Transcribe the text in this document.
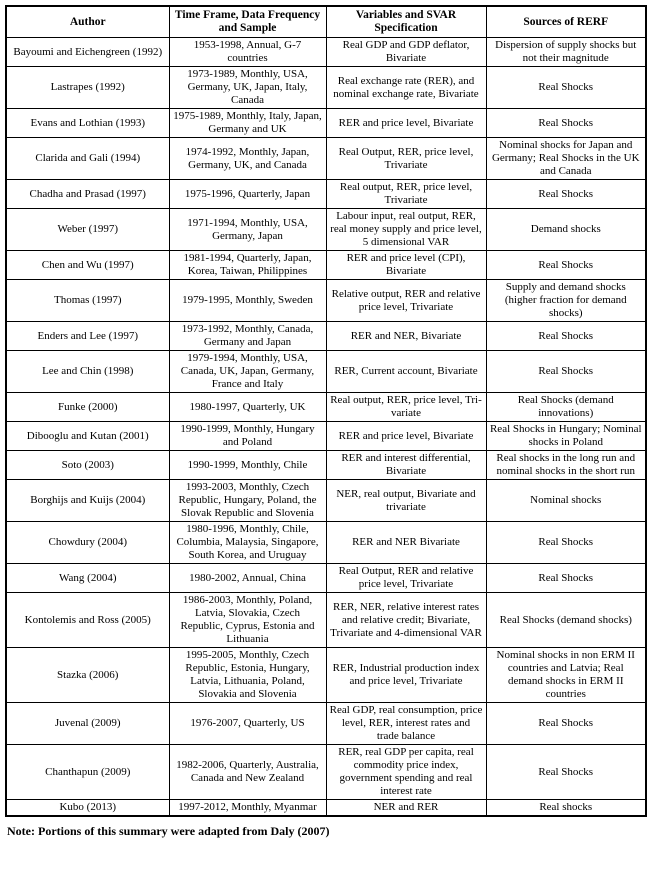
Author	Time Frame, Data Frequency and Sample	Variables and SVAR Specification	Sources of RERF
Bayoumi and Eichengreen (1992)	1953-1998, Annual, G-7 countries	Real GDP and GDP deflator, Bivariate	Dispersion of supply shocks but not their magnitude
Lastrapes (1992)	1973-1989, Monthly, USA, Germany, UK, Japan, Italy, Canada	Real exchange rate (RER), and nominal exchange rate, Bivariate	Real Shocks
Evans and Lothian (1993)	1975-1989, Monthly, Italy, Japan, Germany and UK	RER and price level, Bivariate	Real Shocks
Clarida and Gali (1994)	1974-1992, Monthly, Japan, Germany, UK, and Canada	Real Output, RER, price level, Trivariate	Nominal shocks for Japan and Germany; Real Shocks in the UK and Canada
Chadha and Prasad (1997)	1975-1996, Quarterly, Japan	Real output, RER, price level, Trivariate	Real Shocks
Weber (1997)	1971-1994, Monthly, USA, Germany, Japan	Labour input, real output, RER, real money supply and price level, 5 dimensional VAR	Demand shocks
Chen and Wu (1997)	1981-1994, Quarterly, Japan, Korea, Taiwan, Philippines	RER and price level (CPI), Bivariate	Real Shocks
Thomas (1997)	1979-1995, Monthly, Sweden	Relative output, RER and relative price level, Trivariate	Supply and demand shocks (higher fraction for demand shocks)
Enders and Lee (1997)	1973-1992, Monthly, Canada, Germany and Japan	RER and NER, Bivariate	Real Shocks
Lee and Chin (1998)	1979-1994, Monthly, USA, Canada, UK, Japan, Germany, France and Italy	RER, Current account, Bivariate	Real Shocks
Funke (2000)	1980-1997, Quarterly, UK	Real output, RER, price level, Tri-variate	Real Shocks (demand innovations)
Dibooglu and Kutan (2001)	1990-1999, Monthly, Hungary and Poland	RER and price level, Bivariate	Real Shocks in Hungary; Nominal shocks in Poland
Soto (2003)	1990-1999, Monthly, Chile	RER and interest differential, Bivariate	Real shocks in the long run and nominal shocks in the short run
Borghijs and Kuijs (2004)	1993-2003, Monthly, Czech Republic, Hungary, Poland, the Slovak Republic and Slovenia	NER, real output, Bivariate and trivariate	Nominal shocks
Chowdury (2004)	1980-1996, Monthly, Chile, Columbia, Malaysia, Singapore, South Korea, and Uruguay	RER and NER Bivariate	Real Shocks
Wang (2004)	1980-2002, Annual, China	Real Output, RER and relative price level, Trivariate	Real Shocks
Kontolemis and Ross (2005)	1986-2003, Monthly, Poland, Latvia, Slovakia, Czech Republic, Cyprus, Estonia and Lithuania	RER, NER, relative interest rates and relative credit; Bivariate, Trivariate and 4-dimensional VAR	Real Shocks (demand shocks)
Stazka (2006)	1995-2005, Monthly, Czech Republic, Estonia, Hungary, Latvia, Lithuania, Poland, Slovakia and Slovenia	RER, Industrial production index and price level, Trivariate	Nominal shocks in non ERM II countries and Latvia; Real demand shocks in ERM II countries
Juvenal (2009)	1976-2007, Quarterly, US	Real GDP, real consumption, price level, RER, interest rates and trade balance	Real Shocks
Chanthapun (2009)	1982-2006, Quarterly, Australia, Canada and New Zealand	RER, real GDP per capita, real commodity price index, government spending and real interest rate	Real Shocks
Kubo (2013)	1997-2012, Monthly, Myanmar	NER and RER	Real shocks
Note: Portions of this summary were adapted from Daly (2007)
